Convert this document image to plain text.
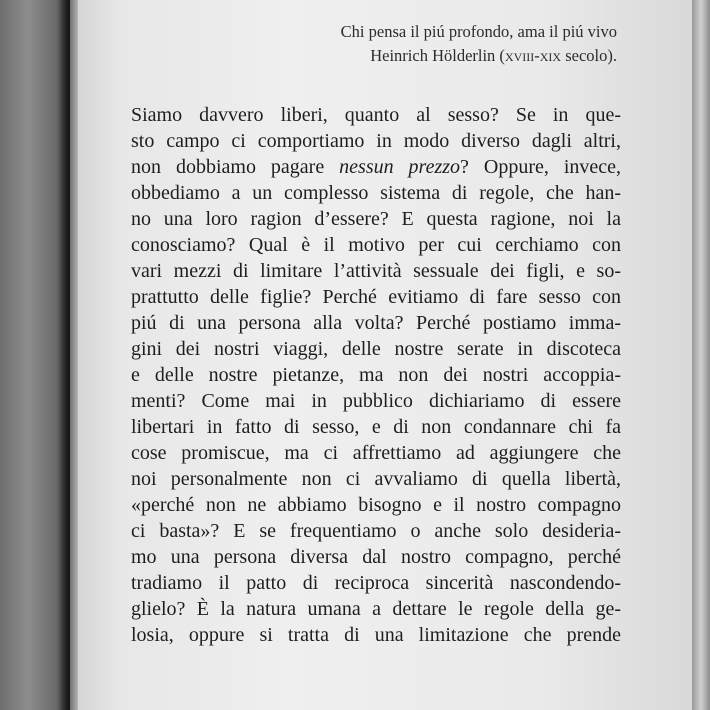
Chi pensa il piú profondo, ama il piú vivo
Heinrich Hölderlin (xviii-xix secolo).
Siamo davvero liberi, quanto al sesso? Se in que-
sto campo ci comportiamo in modo diverso dagli altri,
non dobbiamo pagare nessun prezzo? Oppure, invece,
obbediamo a un complesso sistema di regole, che han-
no una loro ragion d’essere? E questa ragione, noi la
conosciamo? Qual è il motivo per cui cerchiamo con
vari mezzi di limitare l’attività sessuale dei figli, e so-
prattutto delle figlie? Perché evitiamo di fare sesso con
piú di una persona alla volta? Perché postiamo imma-
gini dei nostri viaggi, delle nostre serate in discoteca
e delle nostre pietanze, ma non dei nostri accoppia-
menti? Come mai in pubblico dichiariamo di essere
libertari in fatto di sesso, e di non condannare chi fa
cose promiscue, ma ci affrettiamo ad aggiungere che
noi personalmente non ci avvaliamo di quella libertà,
«perché non ne abbiamo bisogno e il nostro compagno
ci basta»? E se frequentiamo o anche solo desideria-
mo una persona diversa dal nostro compagno, perché
tradiamo il patto di reciproca sincerità nascondendo-
glielo? È la natura umana a dettare le regole della ge-
losia, oppure si tratta di una limitazione che prende
